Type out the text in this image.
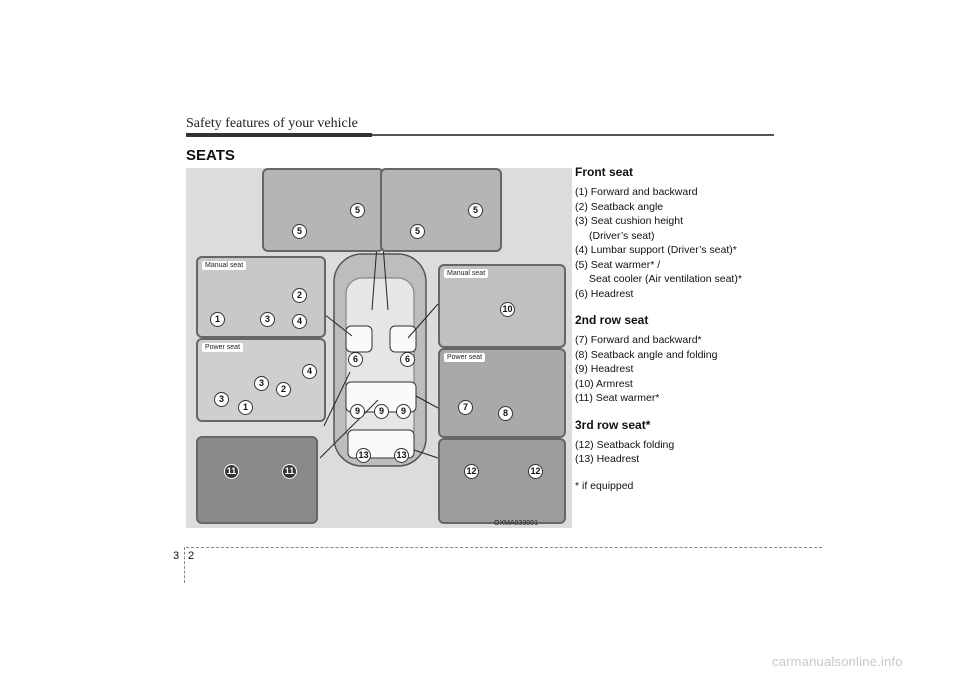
Safety features of your vehicle
SEATS
5
5
5
5
Manual seat
2
1	3	4
Power seat
4
3
2
3
1
11	11
Manual seat
10
Power seat
7
8
12	12
6	6
9	9	9
13	13
OXMA033001
Front seat
(1) Forward and backward
(2) Seatback angle
(3) Seat cushion height
(Driver’s seat)
(4) Lumbar support (Driver’s seat)*
(5) Seat warmer* /
Seat cooler (Air ventilation seat)*
(6) Headrest
2nd row seat
(7) Forward and backward*
(8) Seatback angle and folding
(9) Headrest
(10) Armrest
(11) Seat warmer*
3rd row seat*
(12) Seatback folding
(13) Headrest
* if equipped
3 2
carmanualsonline.info
